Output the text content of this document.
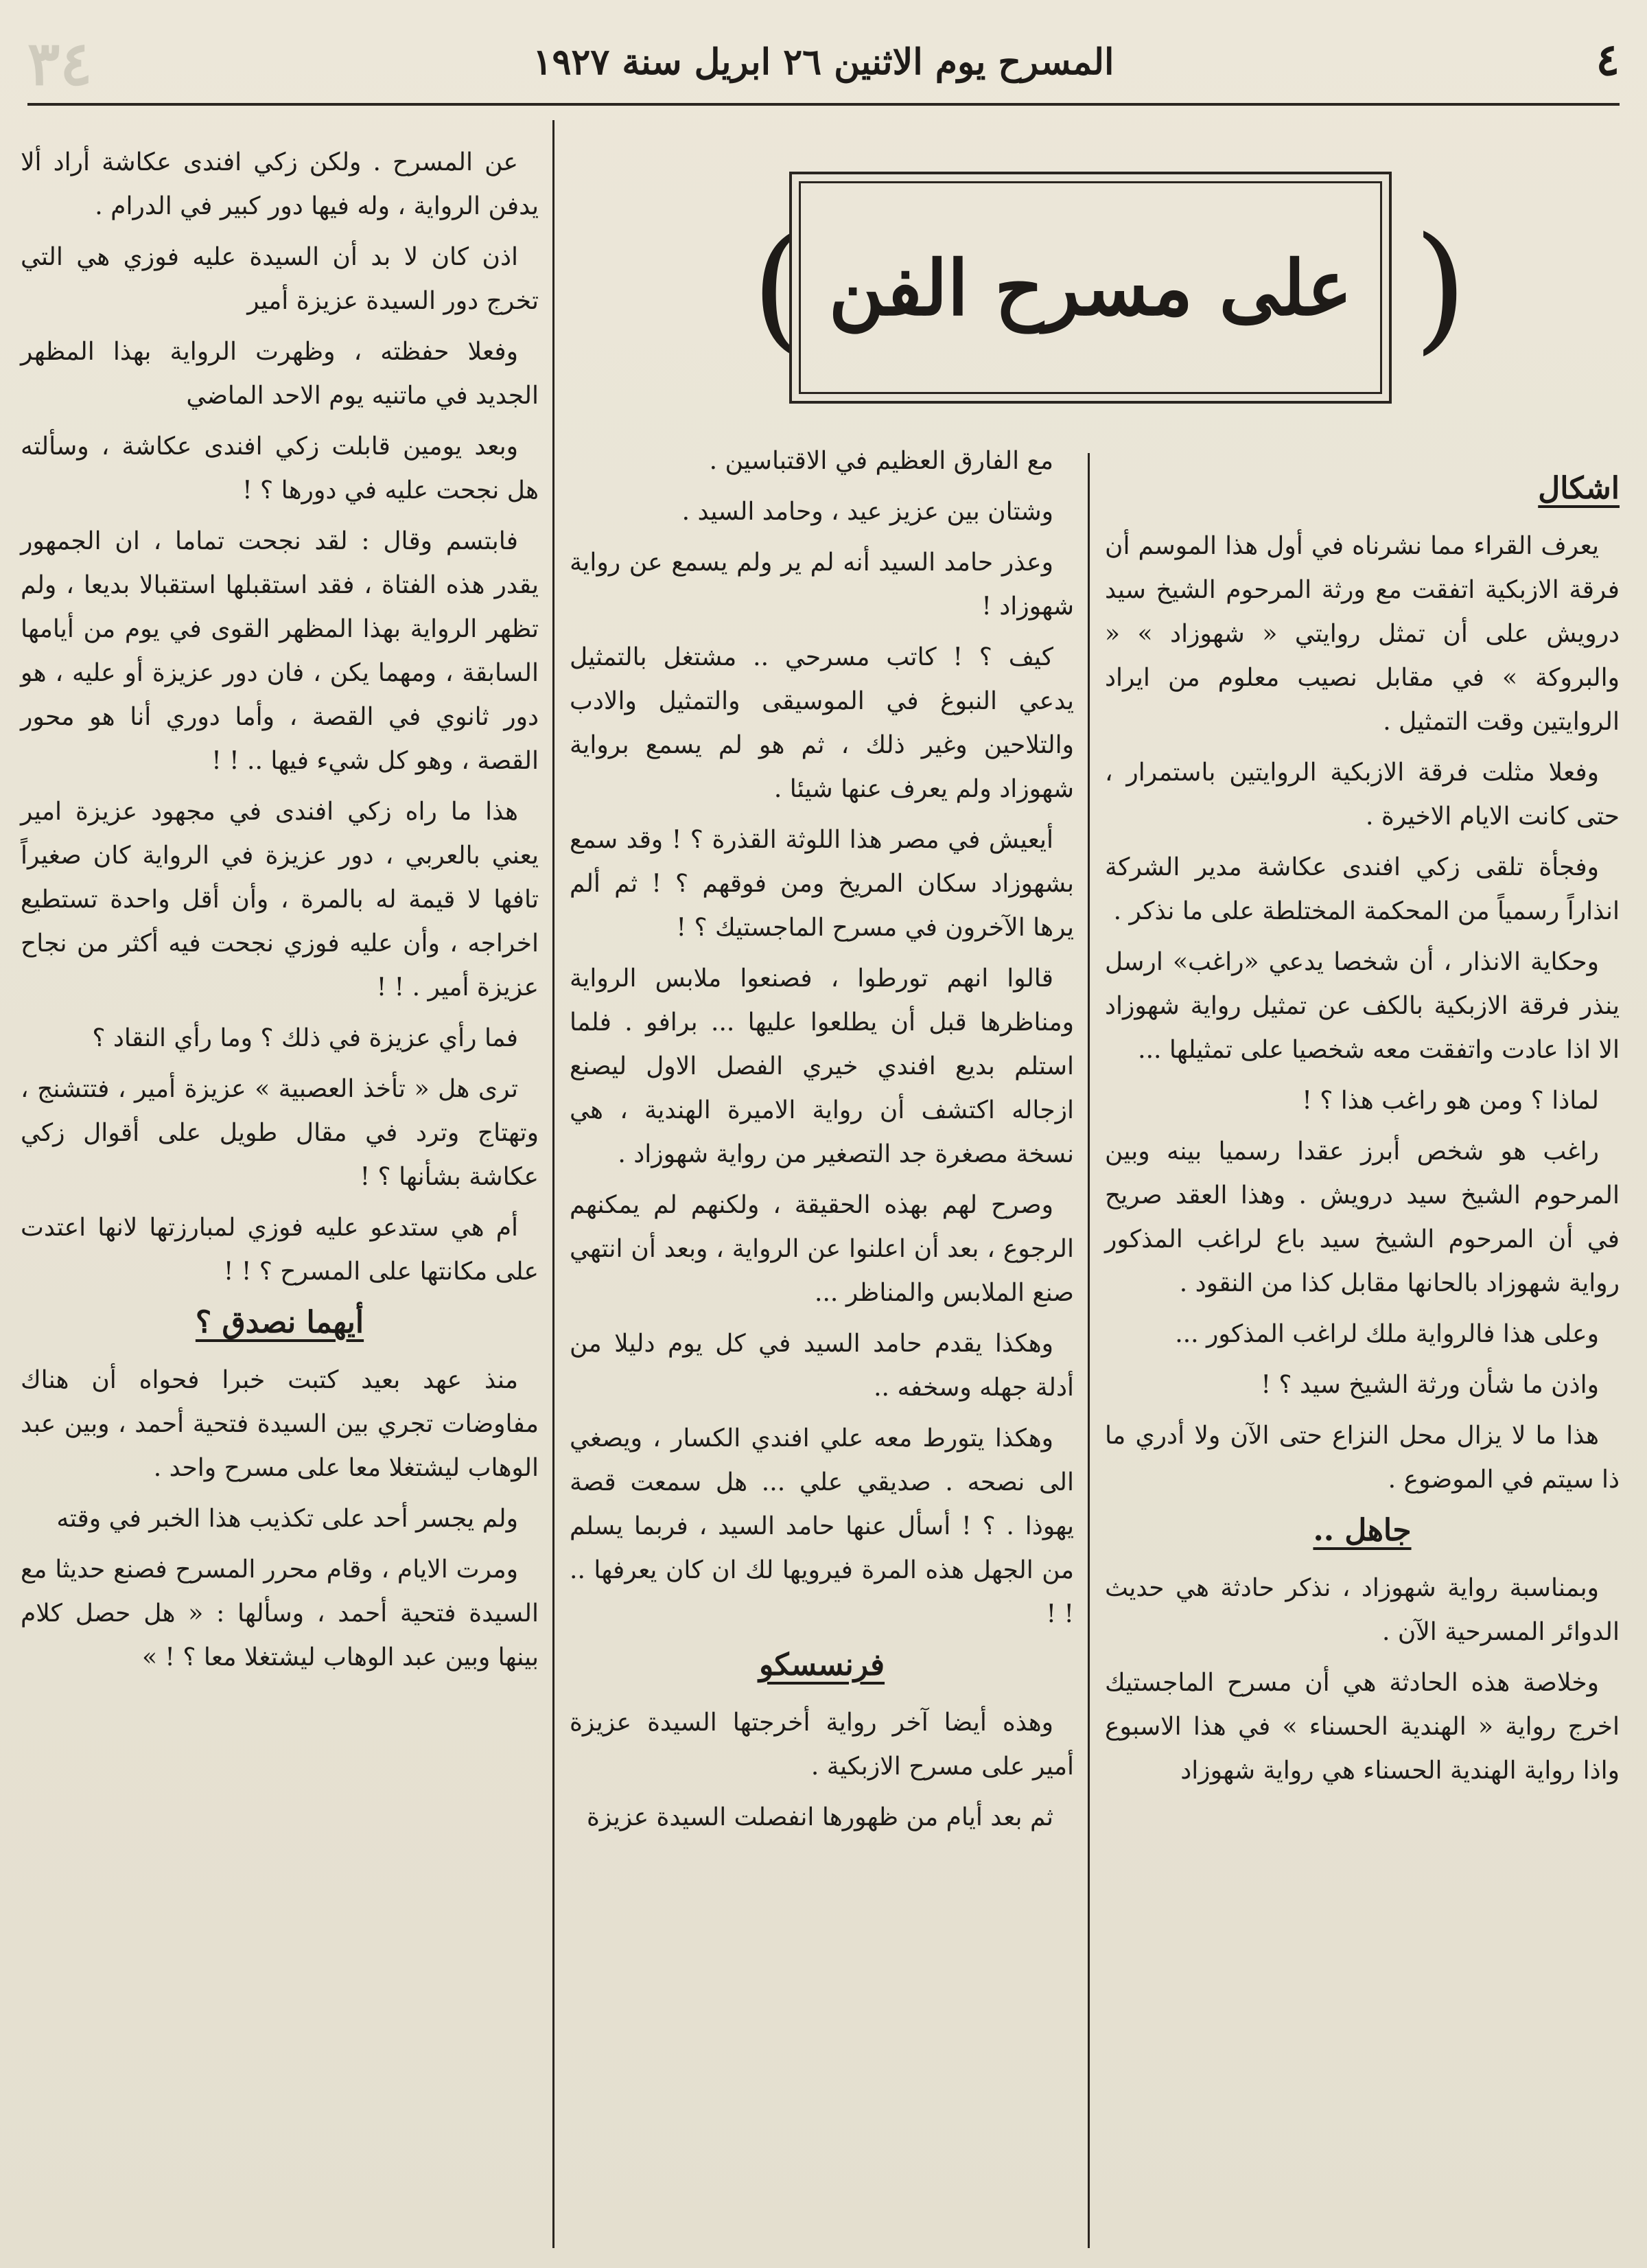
٤
المسرح يوم الاثنين ٢٦ ابريل سنة ١٩٢٧
٣٤
)
( على مسرح الفن
اشكال

يعرف القراء مما نشرناه في أول هذا الموسم أن فرقة الازبكية اتفقت مع ورثة المرحوم الشيخ سيد درويش على أن تمثل روايتي « شهوزاد » « والبروكة » في مقابل نصيب معلوم من ايراد الروايتين وقت التمثيل .

وفعلا مثلت فرقة الازبكية الروايتين باستمرار ، حتى كانت الايام الاخيرة .

وفجأة تلقى زكي افندى عكاشة مدير الشركة انذاراً رسمياً من المحكمة المختلطة على ما نذكر .

وحكاية الانذار ، أن شخصا يدعي «راغب» ارسل ينذر فرقة الازبكية بالكف عن تمثيل رواية شهوزاد الا اذا عادت واتفقت معه شخصيا على تمثيلها ...

لماذا ؟ ومن هو راغب هذا ؟ !

راغب هو شخص أبرز عقدا رسميا بينه وبين المرحوم الشيخ سيد درويش . وهذا العقد صريح في أن المرحوم الشيخ سيد باع لراغب المذكور رواية شهوزاد بالحانها مقابل كذا من النقود .

وعلى هذا فالرواية ملك لراغب المذكور ...

واذن ما شأن ورثة الشيخ سيد ؟ !

هذا ما لا يزال محل النزاع حتى الآن ولا أدري ما ذا سيتم في الموضوع .

جاهل ..

وبمناسبة رواية شهوزاد ، نذكر حادثة هي حديث الدوائر المسرحية الآن .

وخلاصة هذه الحادثة هي أن مسرح الماجستيك اخرج رواية « الهندية الحسناء » في هذا الاسبوع واذا رواية الهندية الحسناء هي رواية شهوزاد

مع الفارق العظيم في الاقتباسين .

وشتان بين عزيز عيد ، وحامد السيد .

وعذر حامد السيد أنه لم ير ولم يسمع عن رواية شهوزاد !

كيف ؟ ! كاتب مسرحي .. مشتغل بالتمثيل يدعي النبوغ في الموسيقى والتمثيل والادب والتلاحين وغير ذلك ، ثم هو لم يسمع برواية شهوزاد ولم يعرف عنها شيئا .

أيعيش في مصر هذا اللوثة القذرة ؟ ! وقد سمع بشهوزاد سكان المريخ ومن فوقهم ؟ ! ثم ألم يرها الآخرون في مسرح الماجستيك ؟ !

قالوا انهم تورطوا ، فصنعوا ملابس الرواية ومناظرها قبل أن يطلعوا عليها ... برافو . فلما استلم بديع افندي خيري الفصل الاول ليصنع ازجاله اكتشف أن رواية الاميرة الهندية ، هي نسخة مصغرة جد التصغير من رواية شهوزاد .

وصرح لهم بهذه الحقيقة ، ولكنهم لم يمكنهم الرجوع ، بعد أن اعلنوا عن الرواية ، وبعد أن انتهي صنع الملابس والمناظر ...

وهكذا يقدم حامد السيد في كل يوم دليلا من أدلة جهله وسخفه ..

وهكذا يتورط معه علي افندي الكسار ، ويصغي الى نصحه . صديقي علي ... هل سمعت قصة يهوذا . ؟ ! أسأل عنها حامد السيد ، فربما يسلم من الجهل هذه المرة فيرويها لك ان كان يعرفها .. ! !

فرنسسكو

وهذه أيضا آخر رواية أخرجتها السيدة عزيزة أمير على مسرح الازبكية .

ثم بعد أيام من ظهورها انفصلت السيدة عزيزة

عن المسرح . ولكن زكي افندى عكاشة أراد ألا يدفن الرواية ، وله فيها دور كبير في الدرام .

اذن كان لا بد أن السيدة عليه فوزي هي التي تخرج دور السيدة عزيزة أمير

وفعلا حفظته ، وظهرت الرواية بهذا المظهر الجديد في ماتنيه يوم الاحد الماضي

وبعد يومين قابلت زكي افندى عكاشة ، وسألته هل نجحت عليه في دورها ؟ !

فابتسم وقال : لقد نجحت تماما ، ان الجمهور يقدر هذه الفتاة ، فقد استقبلها استقبالا بديعا ، ولم تظهر الرواية بهذا المظهر القوى في يوم من أيامها السابقة ، ومهما يكن ، فان دور عزيزة أو عليه ، هو دور ثانوي في القصة ، وأما دوري أنا هو محور القصة ، وهو كل شيء فيها .. ! !

هذا ما راه زكي افندى في مجهود عزيزة امير يعني بالعربي ، دور عزيزة في الرواية كان صغيراً تافها لا قيمة له بالمرة ، وأن أقل واحدة تستطيع اخراجه ، وأن عليه فوزي نجحت فيه أكثر من نجاح عزيزة أمير . ! !

فما رأي عزيزة في ذلك ؟ وما رأي النقاد ؟

ترى هل « تأخذ العصبية » عزيزة أمير ، فتتشنج ، وتهتاج وترد في مقال طويل على أقوال زكي عكاشة بشأنها ؟ !

أم هي ستدعو عليه فوزي لمبارزتها لانها اعتدت على مكانتها على المسرح ؟ ! !

أيهما نصدق ؟

منذ عهد بعيد كتبت خبرا فحواه أن هناك مفاوضات تجري بين السيدة فتحية أحمد ، وبين عبد الوهاب ليشتغلا معا على مسرح واحد .

ولم يجسر أحد على تكذيب هذا الخبر في وقته

ومرت الايام ، وقام محرر المسرح فصنع حديثا مع السيدة فتحية أحمد ، وسألها : « هل حصل كلام بينها وبين عبد الوهاب ليشتغلا معا ؟ ! »
